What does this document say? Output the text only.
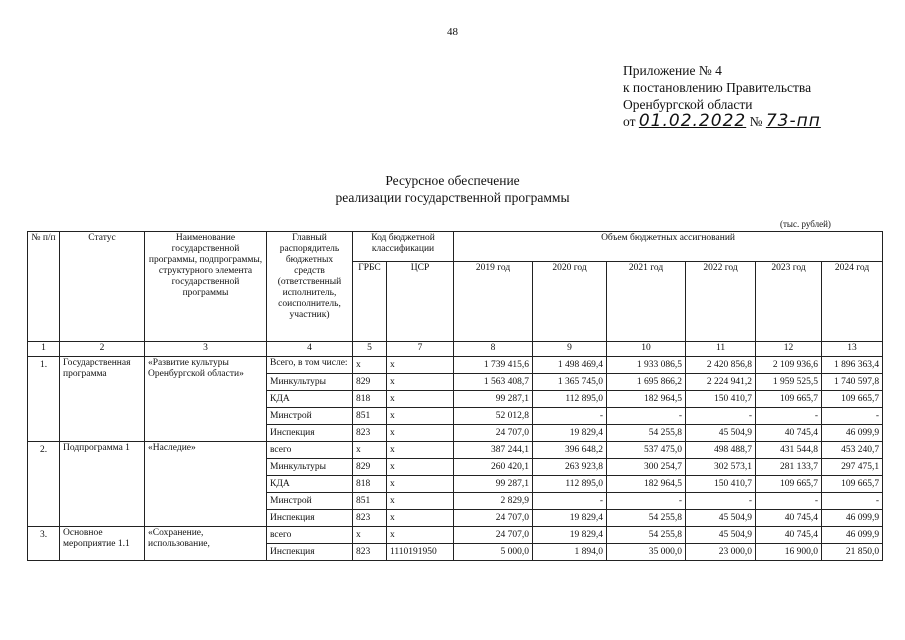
48
Приложение № 4
к постановлению Правительства
Оренбургской области
от 01.02.2022 № 73-пп
Ресурсное обеспечение
реализации государственной программы
(тыс. рублей)
№ п/п	Статус	Наименование государственной программы, подпрограммы, структурного элемента государственной программы	Главный распорядитель бюджетных средств (ответственный исполнитель, соисполнитель, участник)	Код бюджетной классификации		Объем бюджетных ассигнований					
				ГРБС	ЦСР	2019 год	2020 год	2021 год	2022 год	2023 год	2024 год
1	2	3	4	5	7	8	9	10	11	12	13
1.	Государственная программа	«Развитие культуры Оренбургской области»	Всего, в том числе:	х	х	1 739 415,6	1 498 469,4	1 933 086,5	2 420 856,8	2 109 936,6	1 896 363,4
			Минкультуры	829	х	1 563 408,7	1 365 745,0	1 695 866,2	2 224 941,2	1 959 525,5	1 740 597,8
			КДА	818	х	99 287,1	112 895,0	182 964,5	150 410,7	109 665,7	109 665,7
			Минстрой	851	х	52 012,8	-	-	-	-	-
			Инспекция	823	х	24 707,0	19 829,4	54 255,8	45 504,9	40 745,4	46 099,9
2.	Подпрограмма 1	«Наследие»	всего	х	х	387 244,1	396 648,2	537 475,0	498 488,7	431 544,8	453 240,7
			Минкультуры	829	х	260 420,1	263 923,8	300 254,7	302 573,1	281 133,7	297 475,1
			КДА	818	х	99 287,1	112 895,0	182 964,5	150 410,7	109 665,7	109 665,7
			Минстрой	851	х	2 829,9	-	-	-	-	-
			Инспекция	823	х	24 707,0	19 829,4	54 255,8	45 504,9	40 745,4	46 099,9
3.	Основное мероприятие 1.1	«Сохранение, использование,	всего	х	х	24 707,0	19 829,4	54 255,8	45 504,9	40 745,4	46 099,9
			Инспекция	823	1110191950	5 000,0	1 894,0	35 000,0	23 000,0	16 900,0	21 850,0
